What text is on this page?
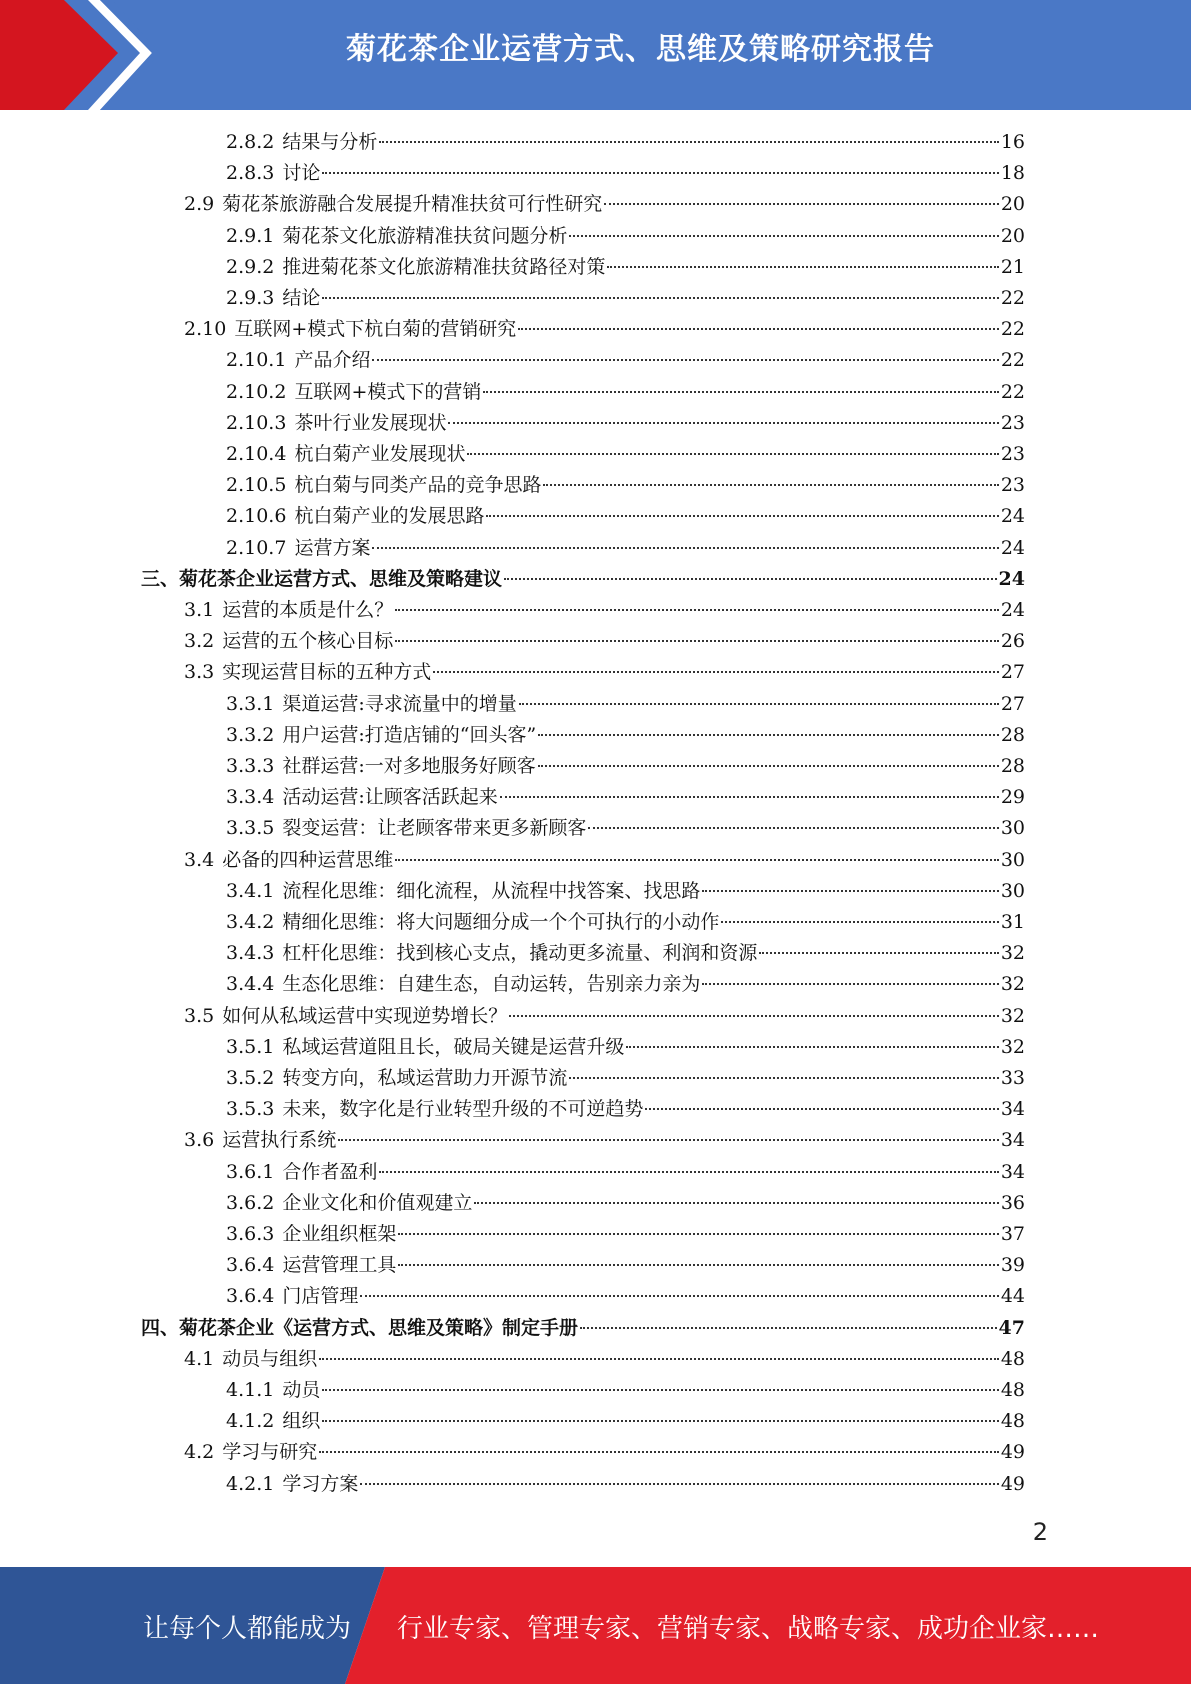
菊花茶企业运营方式、思维及策略研究报告
2.8.2 结果与分析	16
2.8.3 讨论	18
2.9 菊花茶旅游融合发展提升精准扶贫可行性研究	20
2.9.1 菊花茶文化旅游精准扶贫问题分析	20
2.9.2 推进菊花茶文化旅游精准扶贫路径对策	21
2.9.3 结论	22
2.10 互联网+模式下杭白菊的营销研究	22
2.10.1 产品介绍	22
2.10.2 互联网+模式下的营销	22
2.10.3 茶叶行业发展现状	23
2.10.4 杭白菊产业发展现状	23
2.10.5 杭白菊与同类产品的竞争思路	23
2.10.6 杭白菊产业的发展思路	24
2.10.7 运营方案	24
三、 菊花茶企业运营方式、思维及策略建议	24
3.1 运营的本质是什么？	24
3.2 运营的五个核心目标	26
3.3 实现运营目标的五种方式	27
3.3.1 渠道运营:寻求流量中的增量	27
3.3.2 用户运营:打造店铺的“回头客”	28
3.3.3 社群运营:一对多地服务好顾客	28
3.3.4 活动运营:让顾客活跃起来	29
3.3.5 裂变运营：让老顾客带来更多新顾客	30
3.4 必备的四种运营思维	30
3.4.1 流程化思维：细化流程，从流程中找答案、找思路	30
3.4.2 精细化思维：将大问题细分成一个个可执行的小动作	31
3.4.3 杠杆化思维：找到核心支点，撬动更多流量、利润和资源	32
3.4.4 生态化思维：自建生态，自动运转，告别亲力亲为	32
3.5 如何从私域运营中实现逆势增长？	32
3.5.1 私域运营道阻且长，破局关键是运营升级	32
3.5.2 转变方向，私域运营助力开源节流	33
3.5.3 未来，数字化是行业转型升级的不可逆趋势	34
3.6 运营执行系统	34
3.6.1 合作者盈利	34
3.6.2 企业文化和价值观建立	36
3.6.3 企业组织框架	37
3.6.4 运营管理工具	39
3.6.4 门店管理	44
四、 菊花茶企业《运营方式、思维及策略》制定手册	47
4.1 动员与组织	48
4.1.1 动员	48
4.1.2 组织	48
4.2 学习与研究	49
4.2.1 学习方案	49
2
让每个人都能成为 行业专家、管理专家、营销专家、战略专家、成功企业家……
